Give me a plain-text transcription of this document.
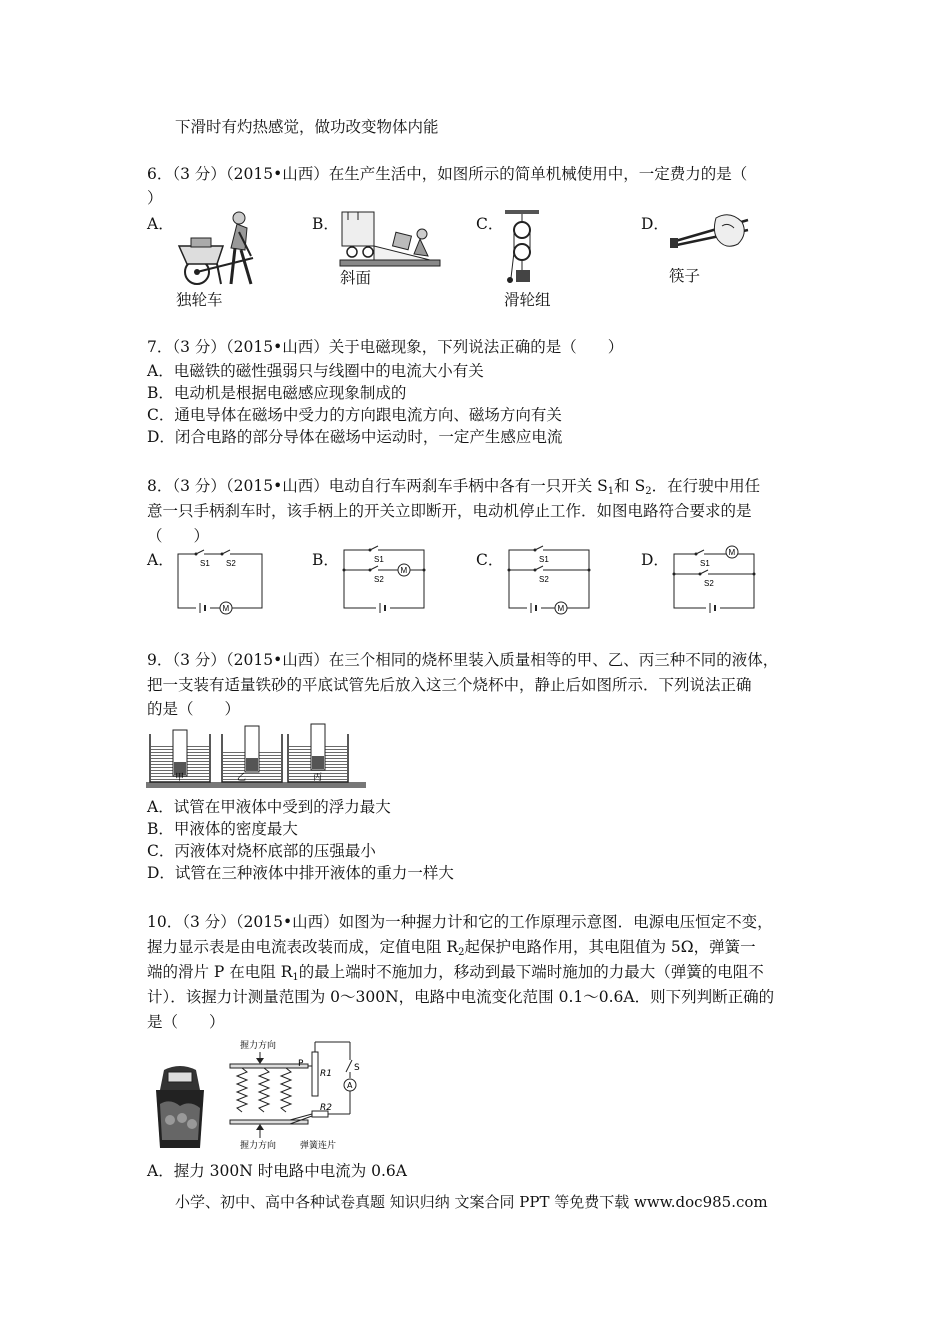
下滑时有灼热感觉，做功改变物体内能
6．（3 分）（2015•山西）在生产生活中，如图所示的简单机械使用中，一定费力的是（
）
A．	B．	C．	D．
独轮车
斜面
滑轮组
筷子
7．（3 分）（2015•山西）关于电磁现象，下列说法正确的是（　　）
A．电磁铁的磁性强弱只与线圈中的电流大小有关
B．电动机是根据电磁感应现象制成的
C．通电导体在磁场中受力的方向跟电流方向、磁场方向有关
D．闭合电路的部分导体在磁场中运动时，一定产生感应电流
8．（3 分）（2015•山西）电动自行车两刹车手柄中各有一只开关 $S_1$和 $S_2$．在行驶中用任
意一只手柄刹车时，该手柄上的开关立即断开，电动机停止工作．如图电路符合要求的是
（　　）
A．	B．	C．	D．
S1 S2
M
S1
S2
M
S1
S2
M
S1
M
S2
9．（3 分）（2015•山西）在三个相同的烧杯里装入质量相等的甲、乙、丙三种不同的液体，
把一支装有适量铁砂的平底试管先后放入这三个烧杯中，静止后如图所示．下列说法正确
的是（　　）
甲	乙	丙
A．试管在甲液体中受到的浮力最大
B．甲液体的密度最大
C．丙液体对烧杯底部的压强最小
D．试管在三种液体中排开液体的重力一样大
10．（3 分）（2015•山西）如图为一种握力计和它的工作原理示意图．电源电压恒定不变，
握力显示表是由电流表改装而成，定值电阻 $R_2$起保护电路作用，其电阻值为 5Ω，弹簧一
端的滑片 P 在电阻 $R_1$的最上端时不施加力，移动到最下端时施加的力最大（弹簧的电阻不
计）．该握力计测量范围为 0～300N，电路中电流变化范围 0.1～0.6A．则下列判断正确的
是（　　）
握力方向
握力方向
P
R1
S
A
R2
弹簧连片
A．握力 300N 时电路中电流为 0.6A
小学、初中、高中各种试卷真题 知识归纳 文案合同 PPT 等免费下载 www.doc985.com
